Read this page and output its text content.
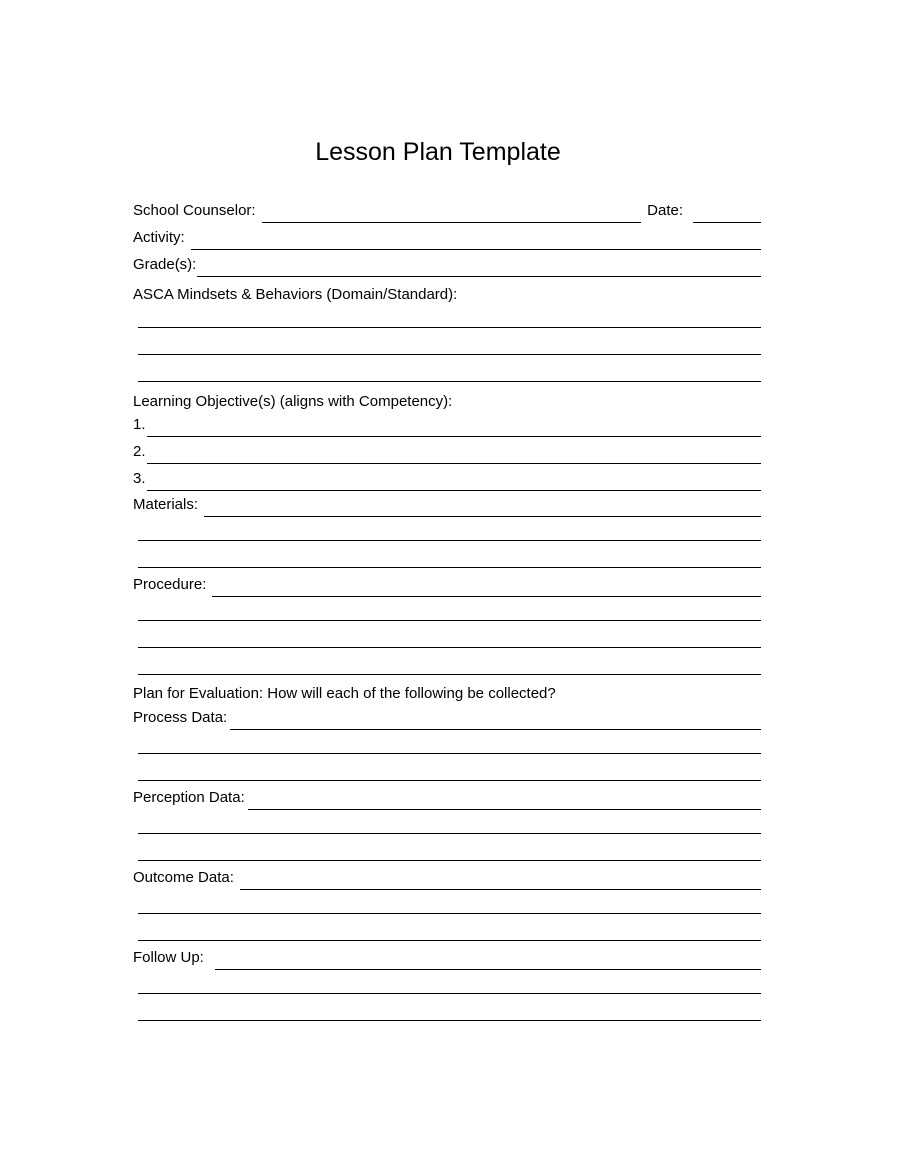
Lesson Plan Template
School Counselor:	Date:
Activity:
Grade(s):
ASCA Mindsets & Behaviors (Domain/Standard):
Learning Objective(s) (aligns with Competency):
1.
2.
3.
Materials:
Procedure:
Plan for Evaluation: How will each of the following be collected?
Process Data:
Perception Data:
Outcome Data:
Follow Up:
